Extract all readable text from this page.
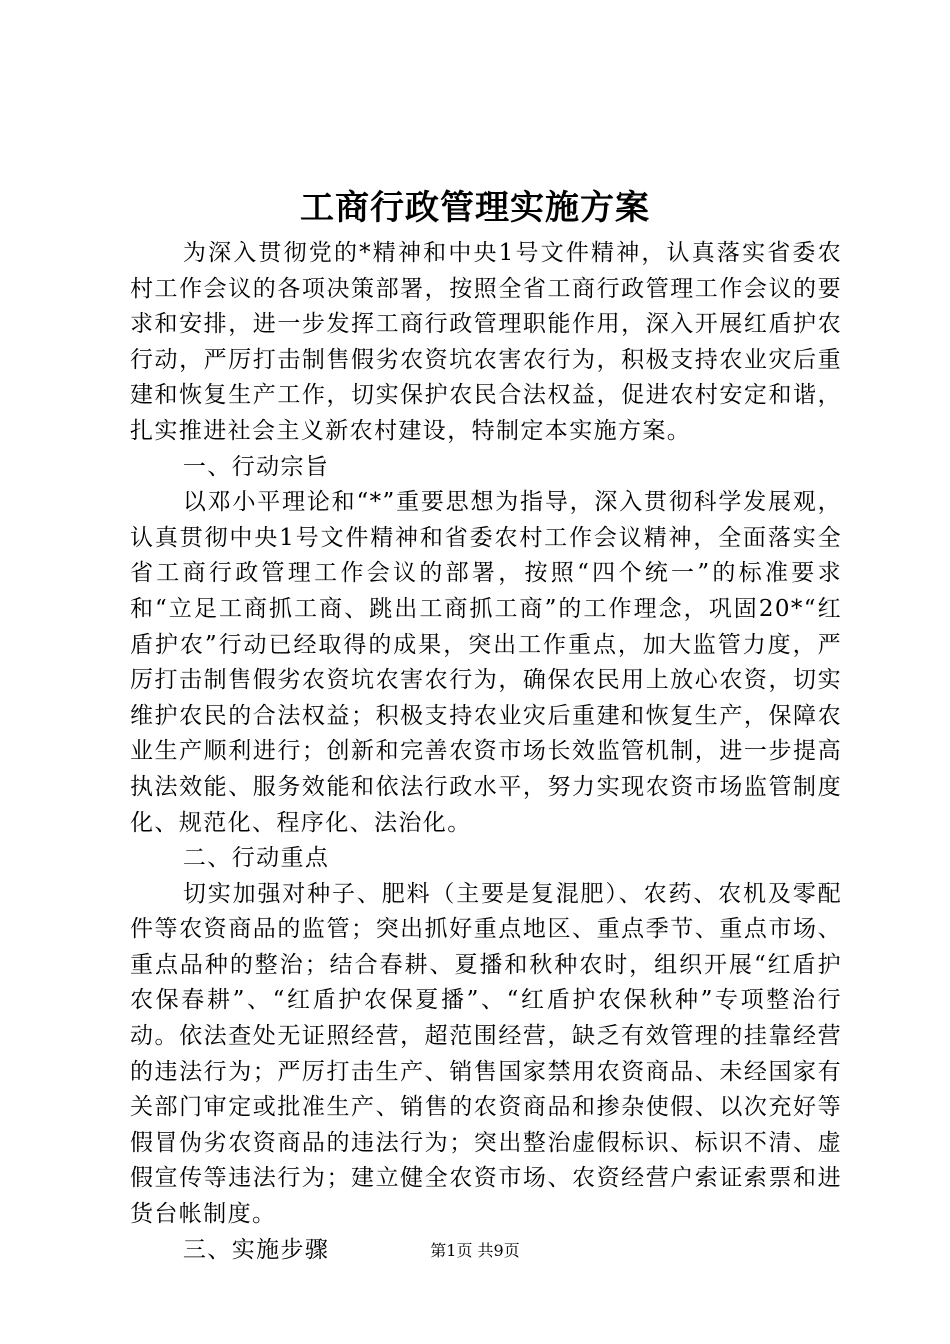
工商行政管理实施方案

为深入贯彻党的*精神和中央1号文件精神，认真落实省委农村工作会议的各项决策部署，按照全省工商行政管理工作会议的要求和安排，进一步发挥工商行政管理职能作用，深入开展红盾护农行动，严厉打击制售假劣农资坑农害农行为，积极支持农业灾后重建和恢复生产工作，切实保护农民合法权益，促进农村安定和谐，扎实推进社会主义新农村建设，特制定本实施方案。

一、行动宗旨

以邓小平理论和“*”重要思想为指导，深入贯彻科学发展观，认真贯彻中央1号文件精神和省委农村工作会议精神，全面落实全省工商行政管理工作会议的部署，按照“四个统一”的标准要求和“立足工商抓工商、跳出工商抓工商”的工作理念，巩固20*“红盾护农”行动已经取得的成果，突出工作重点，加大监管力度，严厉打击制售假劣农资坑农害农行为，确保农民用上放心农资，切实维护农民的合法权益；积极支持农业灾后重建和恢复生产，保障农业生产顺利进行；创新和完善农资市场长效监管机制，进一步提高执法效能、服务效能和依法行政水平，努力实现农资市场监管制度化、规范化、程序化、法治化。

二、行动重点

切实加强对种子、肥料（主要是复混肥）、农药、农机及零配件等农资商品的监管；突出抓好重点地区、重点季节、重点市场、重点品种的整治；结合春耕、夏播和秋种农时，组织开展“红盾护农保春耕”、“红盾护农保夏播”、“红盾护农保秋种”专项整治行动。依法查处无证照经营，超范围经营，缺乏有效管理的挂靠经营的违法行为；严厉打击生产、销售国家禁用农资商品、未经国家有关部门审定或批准生产、销售的农资商品和掺杂使假、以次充好等假冒伪劣农资商品的违法行为；突出整治虚假标识、标识不清、虚假宣传等违法行为；建立健全农资市场、农资经营户索证索票和进货台帐制度。

三、实施步骤	第1页 共9页
